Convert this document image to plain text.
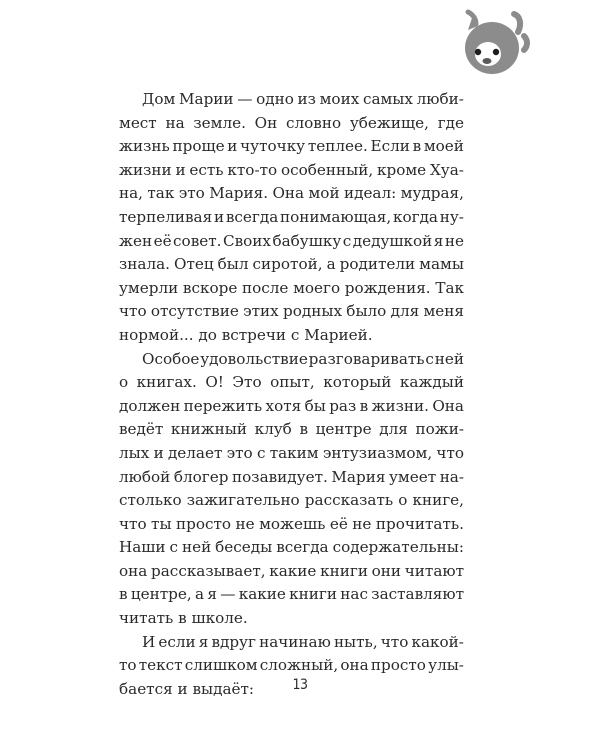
Дом Марии — одно из моих самых люби-
мест на земле. Он словно убежище, где
жизнь проще и чуточку теплее. Если в моей
жизни и есть кто-то особенный, кроме Хуа-
на, так это Мария. Она мой идеал: мудрая,
терпеливая и всегда понимающая, когда ну-
жен её совет. Своих бабушку с дедушкой я не
знала. Отец был сиротой, а родители мамы
умерли вскоре после моего рождения. Так
что отсутствие этих родных было для меня
нормой... до встречи с Марией.
Особое удовольствие разговаривать с ней
о книгах. О! Это опыт, который каждый
должен пережить хотя бы раз в жизни. Она
ведёт книжный клуб в центре для пожи-
лых и делает это с таким энтузиазмом, что
любой блогер позавидует. Мария умеет на-
столько зажигательно рассказать о книге,
что ты просто не можешь её не прочитать.
Наши с ней беседы всегда содержательны:
она рассказывает, какие книги они читают
в центре, а я — какие книги нас заставляют
читать в школе.
И если я вдруг начинаю ныть, что какой-
то текст слишком сложный, она просто улы-
бается и выдаёт:	13
